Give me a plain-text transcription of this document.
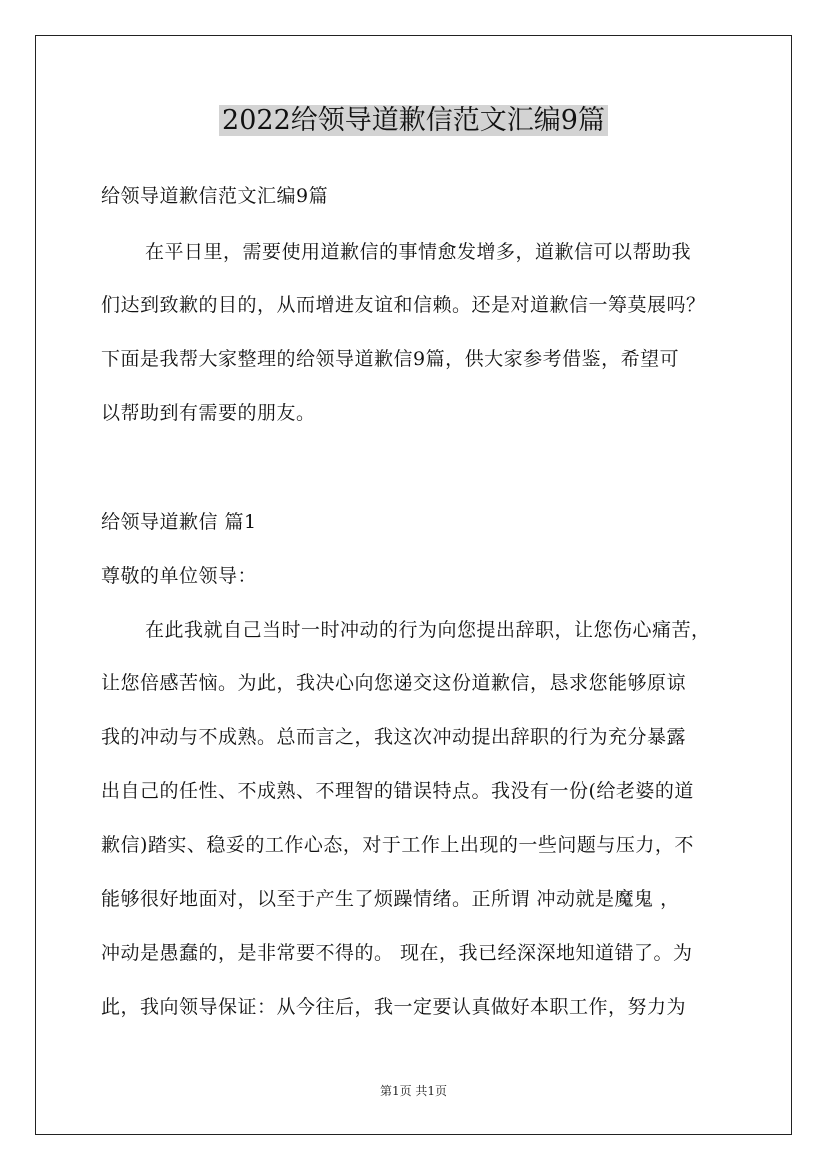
2022给领导道歉信范文汇编9篇
给领导道歉信范文汇编9篇
在平日里，需要使用道歉信的事情愈发增多，道歉信可以帮助我
们达到致歉的目的，从而增进友谊和信赖。还是对道歉信一筹莫展吗？
下面是我帮大家整理的给领导道歉信9篇，供大家参考借鉴，希望可
以帮助到有需要的朋友。
给领导道歉信 篇1
尊敬的单位领导：
在此我就自己当时一时冲动的行为向您提出辞职，让您伤心痛苦，
让您倍感苦恼。为此，我决心向您递交这份道歉信，恳求您能够原谅
我的冲动与不成熟。总而言之，我这次冲动提出辞职的行为充分暴露
出自己的任性、不成熟、不理智的错误特点。我没有一份(给老婆的道
歉信)踏实、稳妥的工作心态，对于工作上出现的一些问题与压力，不
能够很好地面对，以至于产生了烦躁情绪。正所谓 冲动就是魔鬼 ，
冲动是愚蠢的，是非常要不得的。 现在，我已经深深地知道错了。为
此，我向领导保证：从今往后，我一定要认真做好本职工作，努力为
第1页 共1页
